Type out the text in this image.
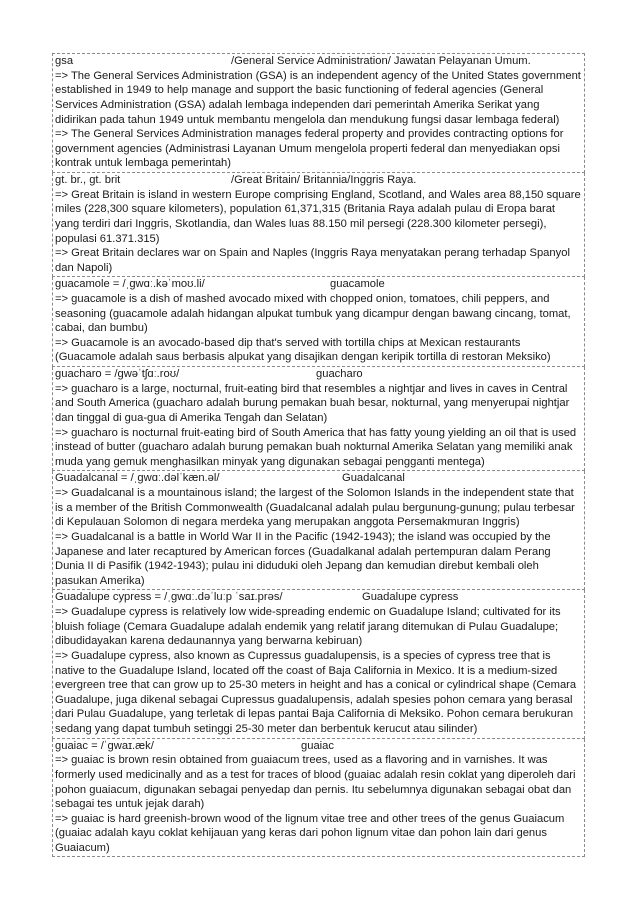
gsa	/General Service Administration/ Jawatan Pelayanan Umum.

=> The General Services Administration (GSA) is an independent agency of the United States government established in 1949 to help manage and support the basic functioning of federal agencies (General Services Administration (GSA) adalah lembaga independen dari pemerintah Amerika Serikat yang didirikan pada tahun 1949 untuk membantu mengelola dan mendukung fungsi dasar lembaga federal)

=> The General Services Administration manages federal property and provides contracting options for government agencies (Administrasi Layanan Umum mengelola properti federal dan menyediakan opsi kontrak untuk lembaga pemerintah)

gt. br., gt. brit	/Great Britain/ Britannia/Inggris Raya.

=> Great Britain is island in western Europe comprising England, Scotland, and Wales area 88,150 square miles (228,300 square kilometers), population 61,371,315 (Britania Raya adalah pulau di Eropa barat yang terdiri dari Inggris, Skotlandia, dan Wales luas 88.150 mil persegi (228.300 kilometer persegi), populasi 61.371.315)

=> Great Britain declares war on Spain and Naples (Inggris Raya menyatakan perang terhadap Spanyol dan Napoli)

guacamole = /ˌɡwɑː.kəˈmoʊ.li/	guacamole

=> guacamole is a dish of mashed avocado mixed with chopped onion, tomatoes, chili peppers, and seasoning (guacamole adalah hidangan alpukat tumbuk yang dicampur dengan bawang cincang, tomat, cabai, dan bumbu)

=> Guacamole is an avocado-based dip that's served with tortilla chips at Mexican restaurants (Guacamole adalah saus berbasis alpukat yang disajikan dengan keripik tortilla di restoran Meksiko)

guacharo = /ɡwəˈtʃɑː.roʊ/	guacharo

=> guacharo is a large, nocturnal, fruit-eating bird that resembles a nightjar and lives in caves in Central and South America (guacharo adalah burung pemakan buah besar, nokturnal, yang menyerupai nightjar dan tinggal di gua-gua di Amerika Tengah dan Selatan)

=> guacharo is nocturnal fruit-eating bird of South America that has fatty young yielding an oil that is used instead of butter (guacharo adalah burung pemakan buah nokturnal Amerika Selatan yang memiliki anak muda yang gemuk menghasilkan minyak yang digunakan sebagai pengganti mentega)

Guadalcanal = /ˌɡwɑː.dəlˈkæn.əl/	Guadalcanal

=> Guadalcanal is a mountainous island; the largest of the Solomon Islands in the independent state that is a member of the British Commonwealth (Guadalcanal adalah pulau bergunung-gunung; pulau terbesar di Kepulauan Solomon di negara merdeka yang merupakan anggota Persemakmuran Inggris)

=> Guadalcanal is a battle in World War II in the Pacific (1942-1943); the island was occupied by the Japanese and later recaptured by American forces (Guadalkanal adalah pertempuran dalam Perang Dunia II di Pasifik (1942-1943); pulau ini diduduki oleh Jepang dan kemudian direbut kembali oleh pasukan Amerika)

Guadalupe cypress = /ˌɡwɑː.dəˈluːp ˈsaɪ.prəs/	Guadalupe cypress

=> Guadalupe cypress is relatively low wide-spreading endemic on Guadalupe Island; cultivated for its bluish foliage (Cemara Guadalupe adalah endemik yang relatif jarang ditemukan di Pulau Guadalupe; dibudidayakan karena dedaunannya yang berwarna kebiruan)

=> Guadalupe cypress, also known as Cupressus guadalupensis, is a species of cypress tree that is native to the Guadalupe Island, located off the coast of Baja California in Mexico. It is a medium-sized evergreen tree that can grow up to 25-30 meters in height and has a conical or cylindrical shape (Cemara Guadalupe, juga dikenal sebagai Cupressus guadalupensis, adalah spesies pohon cemara yang berasal dari Pulau Guadalupe, yang terletak di lepas pantai Baja California di Meksiko. Pohon cemara berukuran sedang yang dapat tumbuh setinggi 25-30 meter dan berbentuk kerucut atau silinder)

guaiac = /ˈɡwaɪ.æk/	guaiac

=> guaiac is brown resin obtained from guaiacum trees, used as a flavoring and in varnishes. It was formerly used medicinally and as a test for traces of blood (guaiac adalah resin coklat yang diperoleh dari pohon guaiacum, digunakan sebagai penyedap dan pernis. Itu sebelumnya digunakan sebagai obat dan sebagai tes untuk jejak darah)

=> guaiac is hard greenish-brown wood of the lignum vitae tree and other trees of the genus Guaiacum (guaiac adalah kayu coklat kehijauan yang keras dari pohon lignum vitae dan pohon lain dari genus Guaiacum)
